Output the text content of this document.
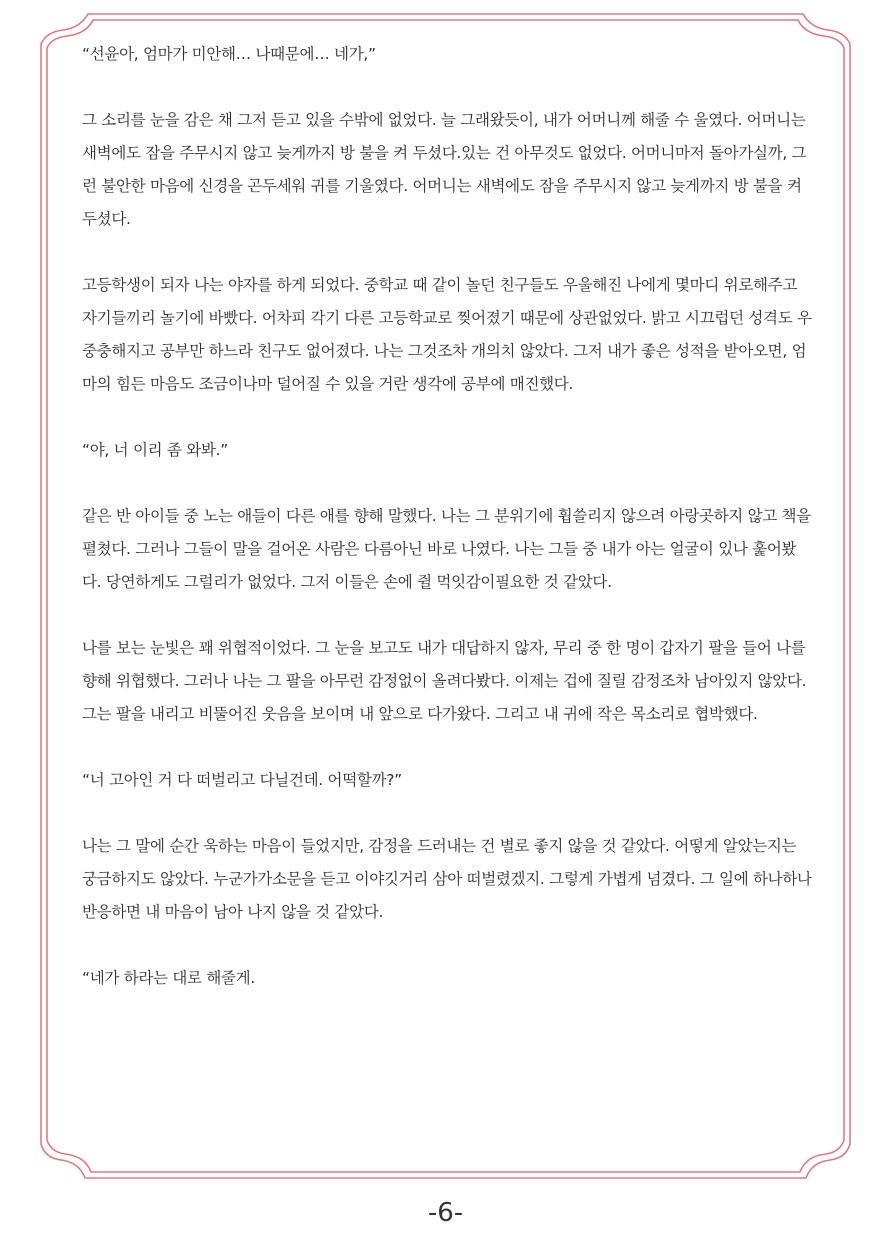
“선윤아, 엄마가 미안해… 나때문에… 네가,”

그 소리를 눈을 감은 채 그저 듣고 있을 수밖에 없었다. 늘 그래왔듯이, 내가 어머니께 해줄 수 울였다. 어머니는 새벽에도 잠을 주무시지 않고 늦게까지 방 불을 켜 두셨다.있는 건 아무것도 없었다. 어머니마저 돌아가실까, 그런 불안한 마음에 신경을 곤두세워 귀를 기울였다. 어머니는 새벽에도 잠을 주무시지 않고 늦게까지 방 불을 켜 두셨다.

고등학생이 되자 나는 야자를 하게 되었다. 중학교 때 같이 놀던 친구들도 우울해진 나에게 몇마디 위로해주고 자기들끼리 놀기에 바빴다. 어차피 각기 다른 고등학교로 찢어졌기 때문에 상관없었다. 밝고 시끄럽던 성격도 우중충해지고 공부만 하느라 친구도 없어졌다. 나는 그것조차 개의치 않았다. 그저 내가 좋은 성적을 받아오면, 엄마의 힘든 마음도 조금이나마 덜어질 수 있을 거란 생각에 공부에 매진했다.

“야, 너 이리 좀 와봐.”

같은 반 아이들 중 노는 애들이 다른 애를 향해 말했다. 나는 그 분위기에 휩쓸리지 않으려 아랑곳하지 않고 책을 펼쳤다. 그러나 그들이 말을 걸어온 사람은 다름아닌 바로 나였다. 나는 그들 중 내가 아는 얼굴이 있나 훑어봤다. 당연하게도 그럴리가 없었다. 그저 이들은 손에 쥘 먹잇감이필요한 것 같았다.

나를 보는 눈빛은 꽤 위협적이었다. 그 눈을 보고도 내가 대답하지 않자, 무리 중 한 명이 갑자기 팔을 들어 나를 향해 위협했다. 그러나 나는 그 팔을 아무런 감정없이 올려다봤다. 이제는 겁에 질릴 감정조차 남아있지 않았다. 그는 팔을 내리고 비뚤어진 웃음을 보이며 내 앞으로 다가왔다. 그리고 내 귀에 작은 목소리로 협박했다.

“너 고아인 거 다 떠벌리고 다닐건데. 어떡할까?”

나는 그 말에 순간 욱하는 마음이 들었지만, 감정을 드러내는 건 별로 좋지 않을 것 같았다. 어떻게 알았는지는 궁금하지도 않았다. 누군가가소문을 듣고 이야깃거리 삼아 떠벌렸겠지. 그렇게 가볍게 넘겼다. 그 일에 하나하나 반응하면 내 마음이 남아 나지 않을 것 같았다.

“네가 하라는 대로 해줄게.

-6-
